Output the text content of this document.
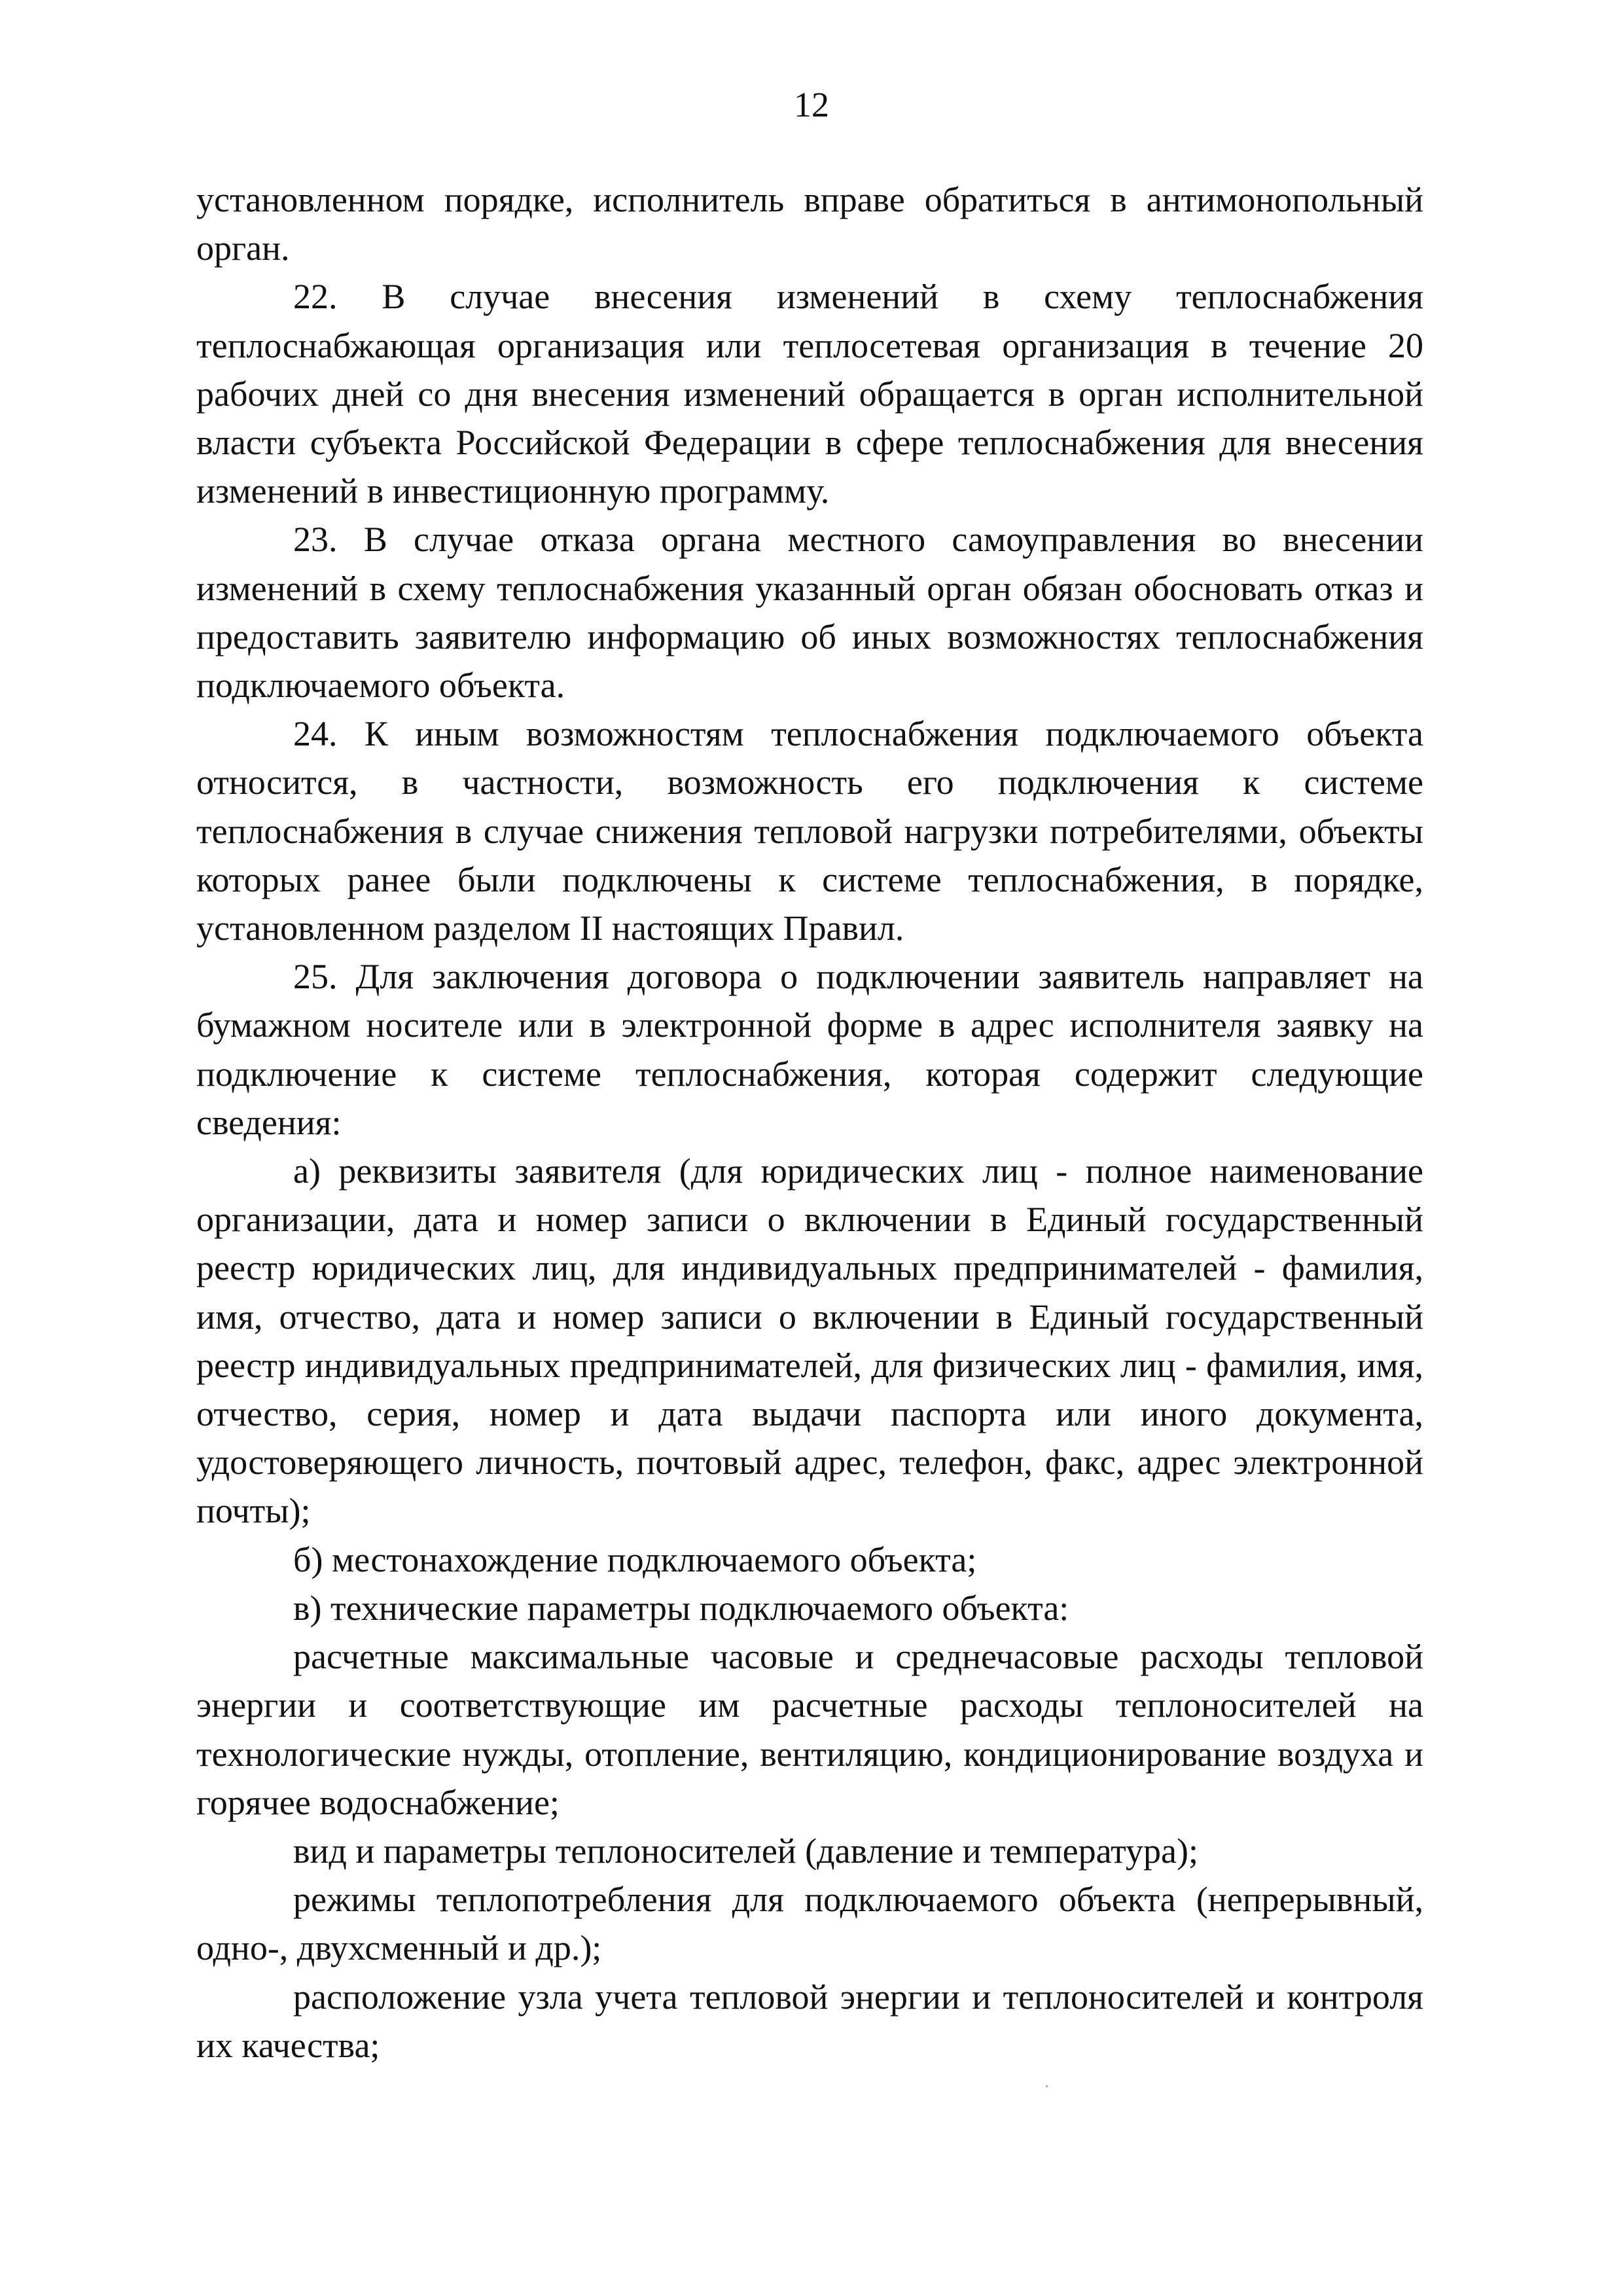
12

установленном порядке, исполнитель вправе обратиться в антимонопольный орган.

22. В случае внесения изменений в схему теплоснабжения теплоснабжающая организация или теплосетевая организация в течение 20 рабочих дней со дня внесения изменений обращается в орган исполнительной власти субъекта Российской Федерации в сфере теплоснабжения для внесения изменений в инвестиционную программу.

23. В случае отказа органа местного самоуправления во внесении изменений в схему теплоснабжения указанный орган обязан обосновать отказ и предоставить заявителю информацию об иных возможностях теплоснабжения подключаемого объекта.

24. К иным возможностям теплоснабжения подключаемого объекта относится, в частности, возможность его подключения к системе теплоснабжения в случае снижения тепловой нагрузки потребителями, объекты которых ранее были подключены к системе теплоснабжения, в порядке, установленном разделом II настоящих Правил.

25. Для заключения договора о подключении заявитель направляет на бумажном носителе или в электронной форме в адрес исполнителя заявку на подключение к системе теплоснабжения, которая содержит следующие сведения:

а) реквизиты заявителя (для юридических лиц - полное наименование организации, дата и номер записи о включении в Единый государственный реестр юридических лиц, для индивидуальных предпринимателей - фамилия, имя, отчество, дата и номер записи о включении в Единый государственный реестр индивидуальных предпринимателей, для физических лиц - фамилия, имя, отчество, серия, номер и дата выдачи паспорта или иного документа, удостоверяющего личность, почтовый адрес, телефон, факс, адрес электронной почты);

б) местонахождение подключаемого объекта;

в) технические параметры подключаемого объекта:

расчетные максимальные часовые и среднечасовые расходы тепловой энергии и соответствующие им расчетные расходы теплоносителей на технологические нужды, отопление, вентиляцию, кондиционирование воздуха и горячее водоснабжение;

вид и параметры теплоносителей (давление и температура);

режимы теплопотребления для подключаемого объекта (непрерывный, одно-, двухсменный и др.);

расположение узла учета тепловой энергии и теплоносителей и контроля их качества;
